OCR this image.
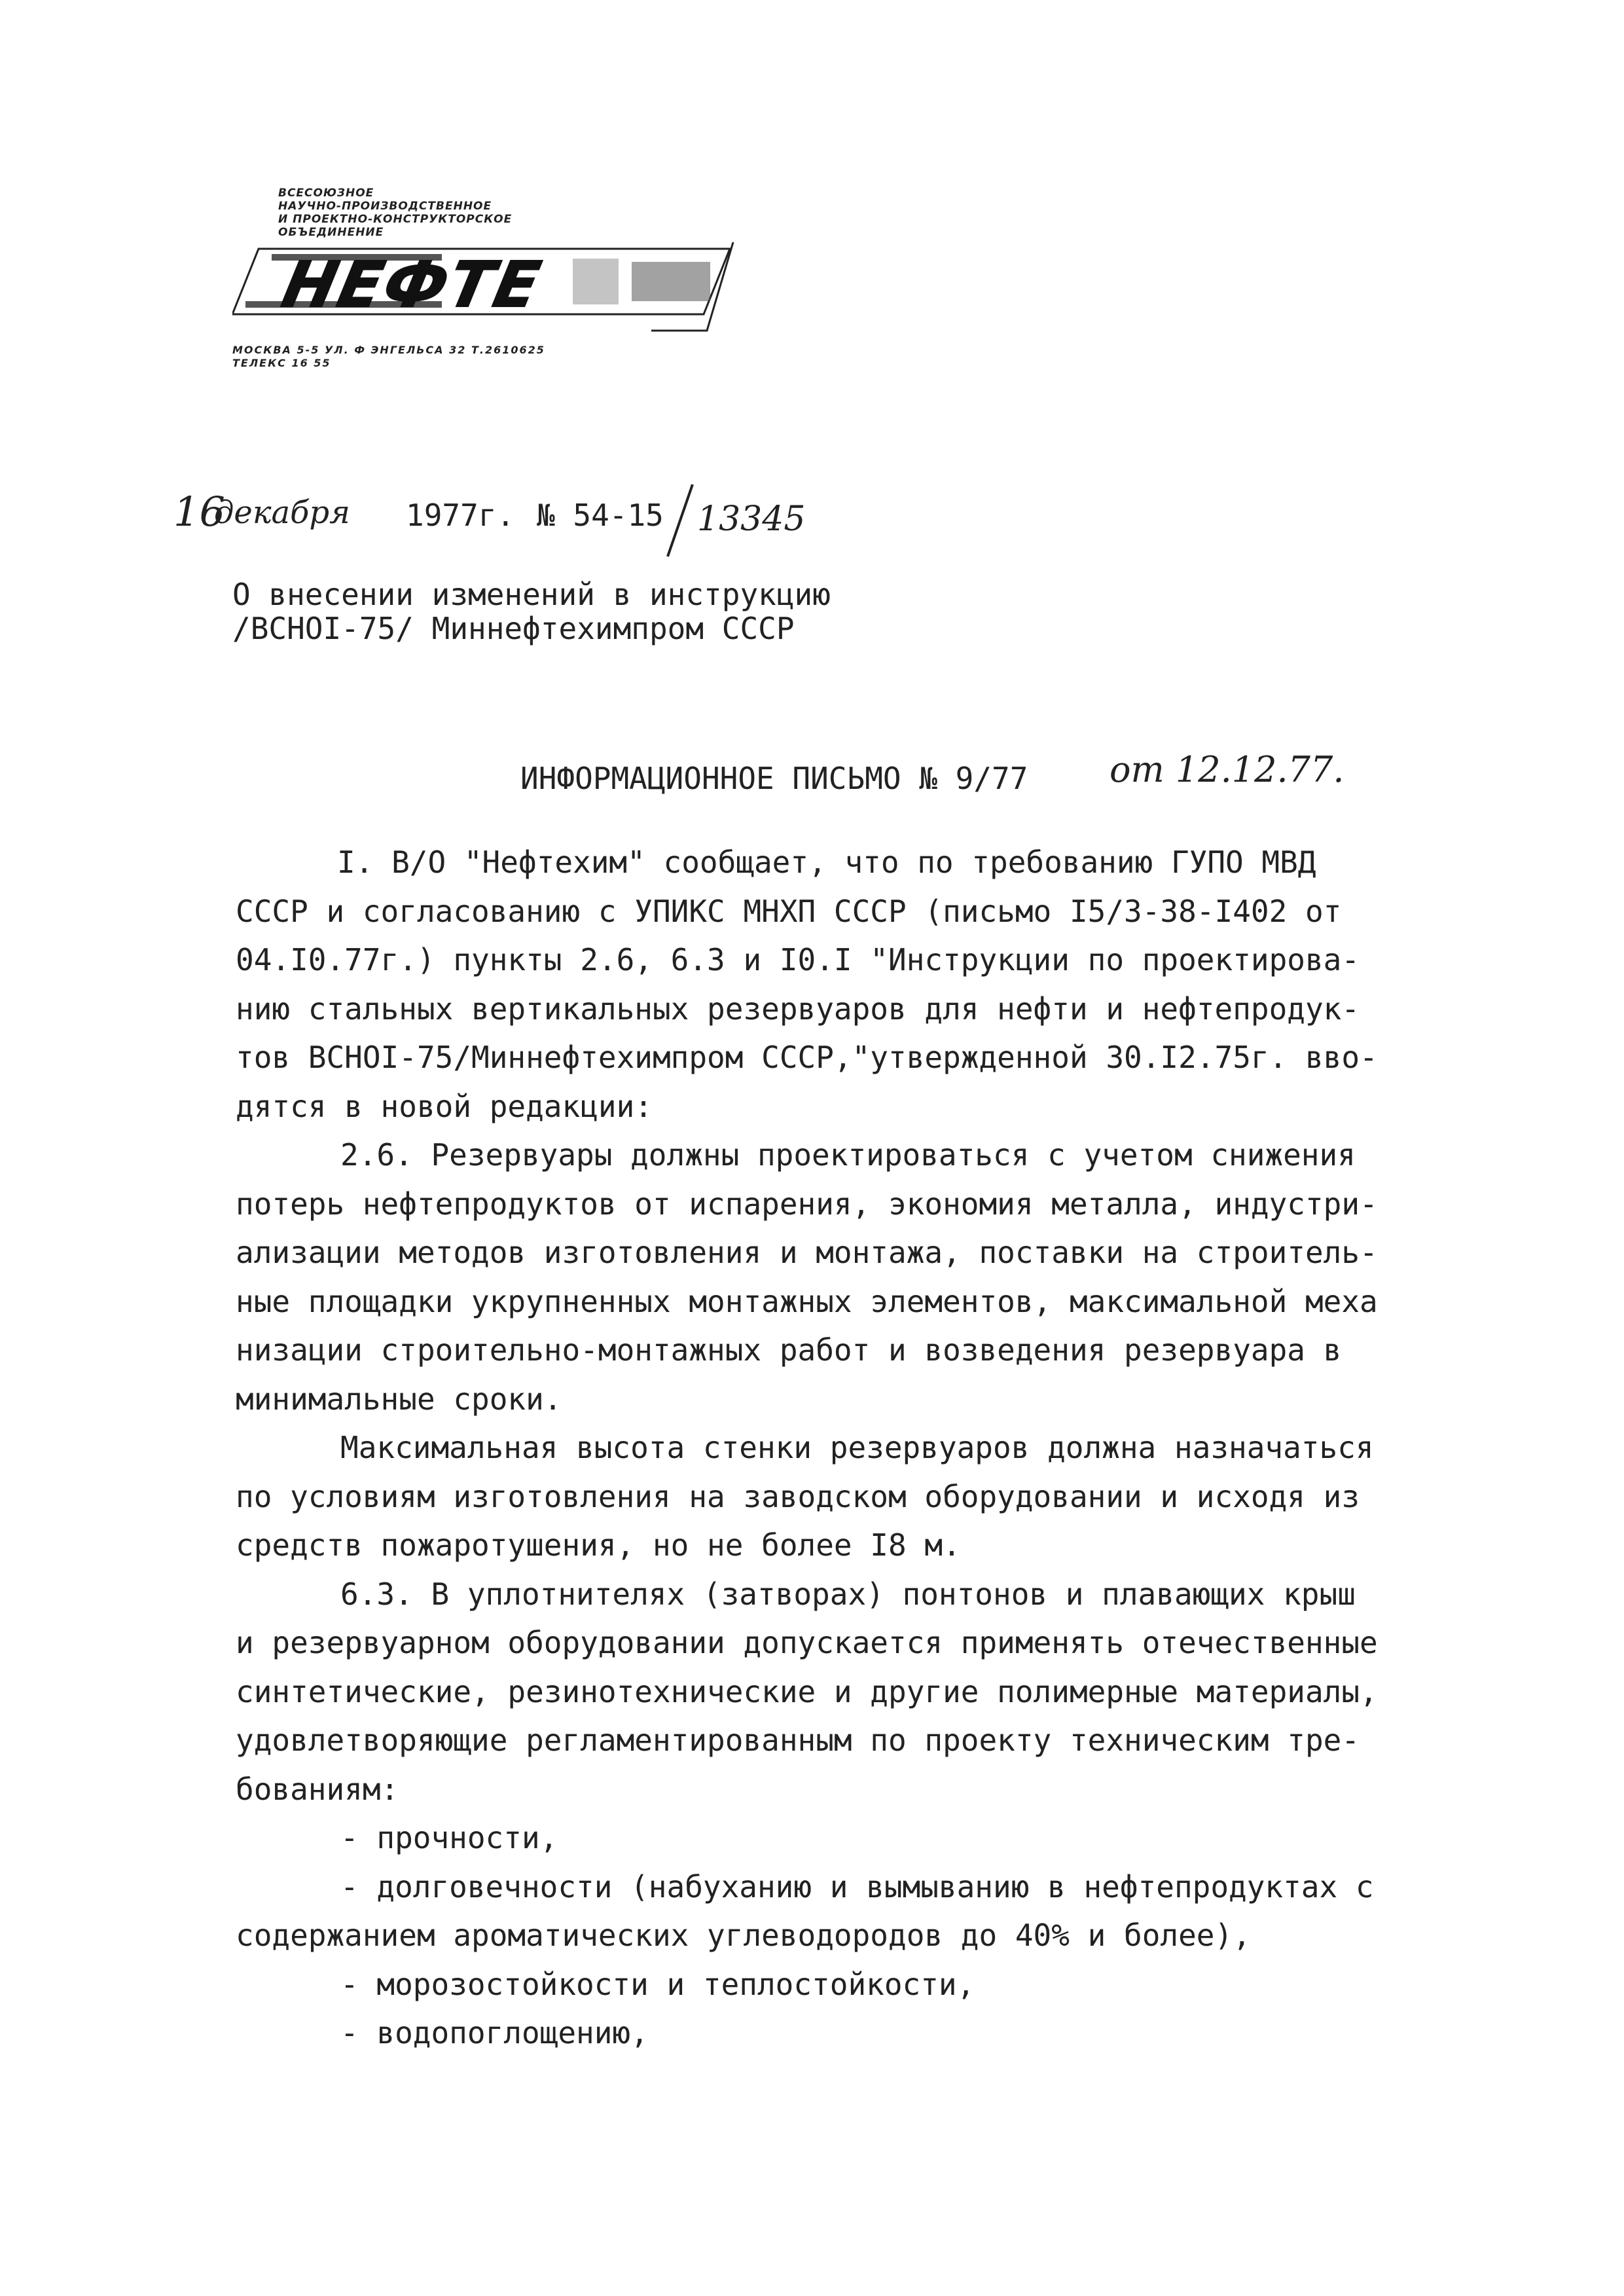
ВСЕСОЮЗНОЕ
НАУЧНО-ПРОИЗВОДСТВЕННОЕ
И ПРОЕКТНО-КОНСТРУКТОРСКОЕ
ОБЪЕДИНЕНИЕ
НЕФТЕ
МОСКВА 5-5 УЛ. Ф ЭНГЕЛЬСА 32 Т.2610625
ТЕЛЕКС 16 55
16
декабря 1977г. № 54-15 13345
О внесении изменений в инструкцию
/ВСНОI-75/ Миннефтехимпром СССР
ИНФОРМАЦИОННОЕ ПИСЬМО № 9/77 от 12.12.77.
I. В/О "Нефтехим" сообщает, что по требованию ГУПО МВД
СССР и согласованию с УПИКС МНХП СССР (письмо I5/З-38-I402 от
04.I0.77г.) пункты 2.6, 6.3 и I0.I "Инструкции по проектирова-
нию стальных вертикальных резервуаров для нефти и нефтепродук-
тов ВСНОI-75/Миннефтехимпром СССР,"утвержденной 30.I2.75г. вво-
дятся в новой редакции:
2.6. Резервуары должны проектироваться с учетом снижения
потерь нефтепродуктов от испарения, экономия металла, индустри-
ализации методов изготовления и монтажа, поставки на строитель-
ные площадки укрупненных монтажных элементов, максимальной меха
низации строительно-монтажных работ и возведения резервуара в
минимальные сроки.
Максимальная высота стенки резервуаров должна назначаться
по условиям изготовления на заводском оборудовании и исходя из
средств пожаротушения, но не более I8 м.
6.3. В уплотнителях (затворах) понтонов и плавающих крыш
и резервуарном оборудовании допускается применять отечественные
синтетические, резинотехнические и другие полимерные материалы,
удовлетворяющие регламентированным по проекту техническим тре-
бованиям:
- прочности,
- долговечности (набуханию и вымыванию в нефтепродуктах с
содержанием ароматических углеводородов до 40% и более),
- морозостойкости и теплостойкости,
- водопоглощению,
